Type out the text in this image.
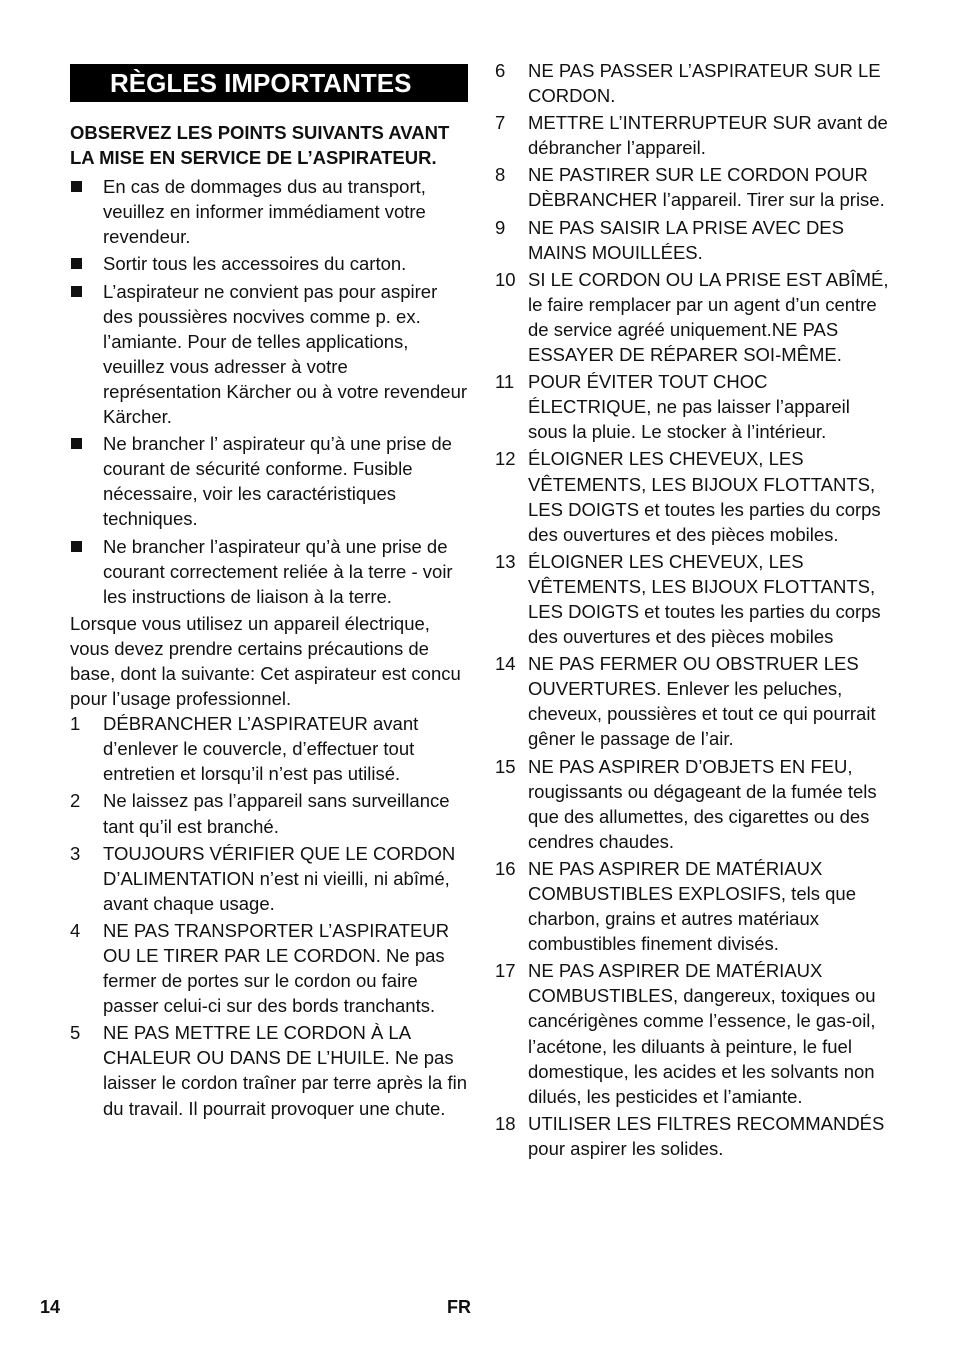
RÈGLES IMPORTANTES
OBSERVEZ LES POINTS SUIVANTS AVANT LA MISE EN SERVICE DE L’ASPIRATEUR.
En cas de dommages dus au transport, veuillez en informer immédiament votre revendeur.
Sortir tous les accessoires du carton.
L’aspirateur ne convient pas pour aspirer des poussières nocvives comme p. ex. l’amiante. Pour de telles applications, veuillez vous adresser à votre représentation Kärcher ou à votre revendeur Kärcher.
Ne brancher l’ aspirateur qu’à une prise de courant de sécurité conforme. Fusible nécessaire, voir les caractéristiques techniques.
Ne brancher l’aspirateur qu’à une prise de courant correctement reliée à la terre - voir les instructions de liaison à la terre.
Lorsque vous utilisez un appareil électrique, vous devez prendre certains précautions de base, dont la suivante: Cet aspirateur est concu pour l’usage professionnel.
1 DÉBRANCHER L’ASPIRATEUR avant d’enlever le couvercle, d’effectuer tout entretien et lorsqu’il n’est pas utilisé.
2 Ne laissez pas l’appareil sans surveillance tant qu’il est branché.
3 TOUJOURS VÉRIFIER QUE LE CORDON D’ALIMENTATION n’est ni vieilli, ni abîmé, avant chaque usage.
4 NE PAS TRANSPORTER L’ASPIRATEUR OU LE TIRER PAR LE CORDON. Ne pas fermer de portes sur le cordon ou faire passer celui-ci sur des bords tranchants.
5 NE PAS METTRE LE CORDON À LA CHALEUR OU DANS DE L’HUILE. Ne pas laisser le cordon traîner par terre après la fin du travail. Il pourrait provoquer une chute.
6 NE PAS PASSER L’ASPIRATEUR SUR LE CORDON.
7 METTRE L’INTERRUPTEUR SUR avant de débrancher l’appareil.
8 NE PASTIRER SUR LE CORDON POUR DÈBRANCHER l’appareil. Tirer sur la prise.
9 NE PAS SAISIR LA PRISE AVEC DES MAINS MOUILLÉES.
10 SI LE CORDON OU LA PRISE EST ABÎMÉ, le faire remplacer par un agent d’un centre de service agréé uniquement.NE PAS ESSAYER DE RÉPARER SOI-MÊME.
11 POUR ÉVITER TOUT CHOC ÉLECTRIQUE, ne pas laisser l’appareil sous la pluie. Le stocker à l’intérieur.
12 ÉLOIGNER LES CHEVEUX, LES VÊTEMENTS, LES BIJOUX FLOTTANTS, LES DOIGTS et toutes les parties du corps des ouvertures et des pièces mobiles.
13 ÉLOIGNER LES CHEVEUX, LES VÊTEMENTS, LES BIJOUX FLOTTANTS, LES DOIGTS et toutes les parties du corps des ouvertures et des pièces mobiles
14 NE PAS FERMER OU OBSTRUER LES OUVERTURES. Enlever les peluches, cheveux, poussières et tout ce qui pourrait gêner le passage de l’air.
15 NE PAS ASPIRER D’OBJETS EN FEU, rougissants ou dégageant de la fumée tels que des allumettes, des cigarettes ou des cendres chaudes.
16 NE PAS ASPIRER DE MATÉRIAUX COMBUSTIBLES EXPLOSIFS, tels que charbon, grains et autres matériaux combustibles finement divisés.
17 NE PAS ASPIRER DE MATÉRIAUX COMBUSTIBLES, dangereux, toxiques ou cancérigènes comme l’essence, le gas-oil, l’acétone, les diluants à peinture, le fuel domestique, les acides et les solvants non dilués, les pesticides et l’amiante.
18 UTILISER LES FILTRES RECOMMANDÉS pour aspirer les solides.
14	FR
